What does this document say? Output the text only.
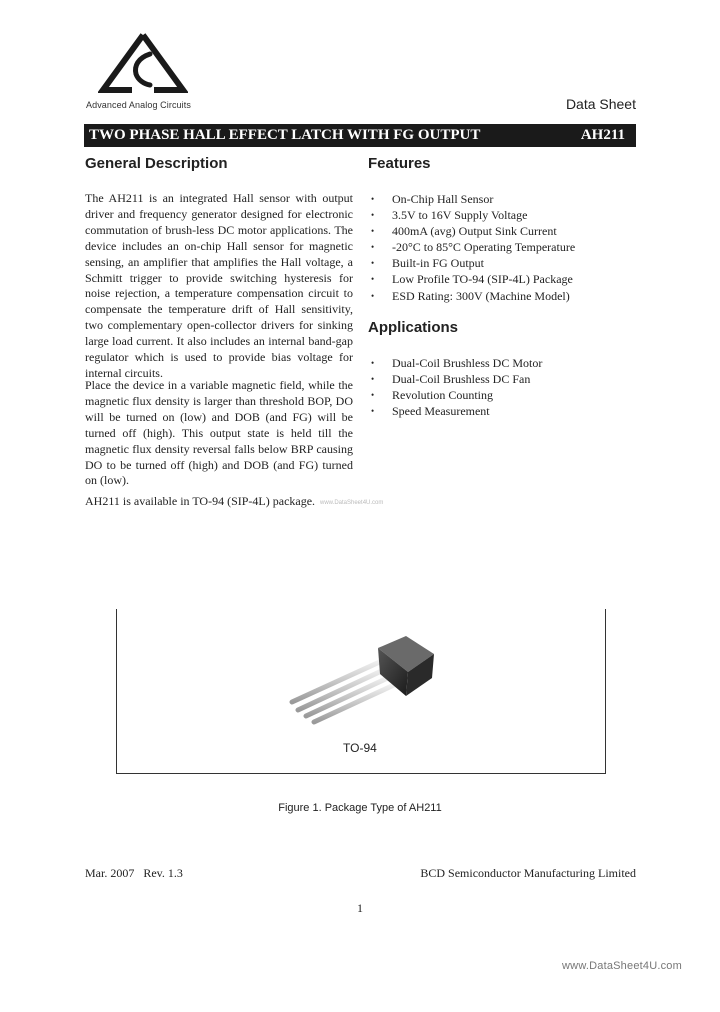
Advanced Analog Circuits	Data Sheet
TWO PHASE HALL EFFECT LATCH WITH FG OUTPUT	AH211
General Description

The AH211 is an integrated Hall sensor with output driver and frequency generator designed for electronic commutation of brush-less DC motor applications. The device includes an on-chip Hall sensor for magnetic sensing, an amplifier that amplifies the Hall voltage, a Schmitt trigger to provide switching hysteresis for noise rejection, a temperature compensation circuit to compensate the temperature drift of Hall sensitivity, two complementary open-collector drivers for sinking large load current. It also includes an internal band-gap regulator which is used to provide bias voltage for internal circuits.

Place the device in a variable magnetic field, while the magnetic flux density is larger than threshold BOP, DO will be turned on (low) and DOB (and FG) will be turned off (high). This output state is held till the magnetic flux density reversal falls below BRP causing DO to be turned off (high) and DOB (and FG) turned on (low).

AH211 is available in TO-94 (SIP-4L) package. www.DataSheet4U.com
Features
• On-Chip Hall Sensor
• 3.5V to 16V Supply Voltage
• 400mA (avg) Output Sink Current
• -20°C to 85°C Operating Temperature
• Built-in FG Output
• Low Profile TO-94 (SIP-4L) Package
• ESD Rating: 300V (Machine Model)
Applications
• Dual-Coil Brushless DC Motor
• Dual-Coil Brushless DC Fan
• Revolution Counting
• Speed Measurement
TO-94
Figure 1. Package Type of AH211
Mar. 2007   Rev. 1.3	BCD Semiconductor Manufacturing Limited
1
www.DataSheet4U.com
